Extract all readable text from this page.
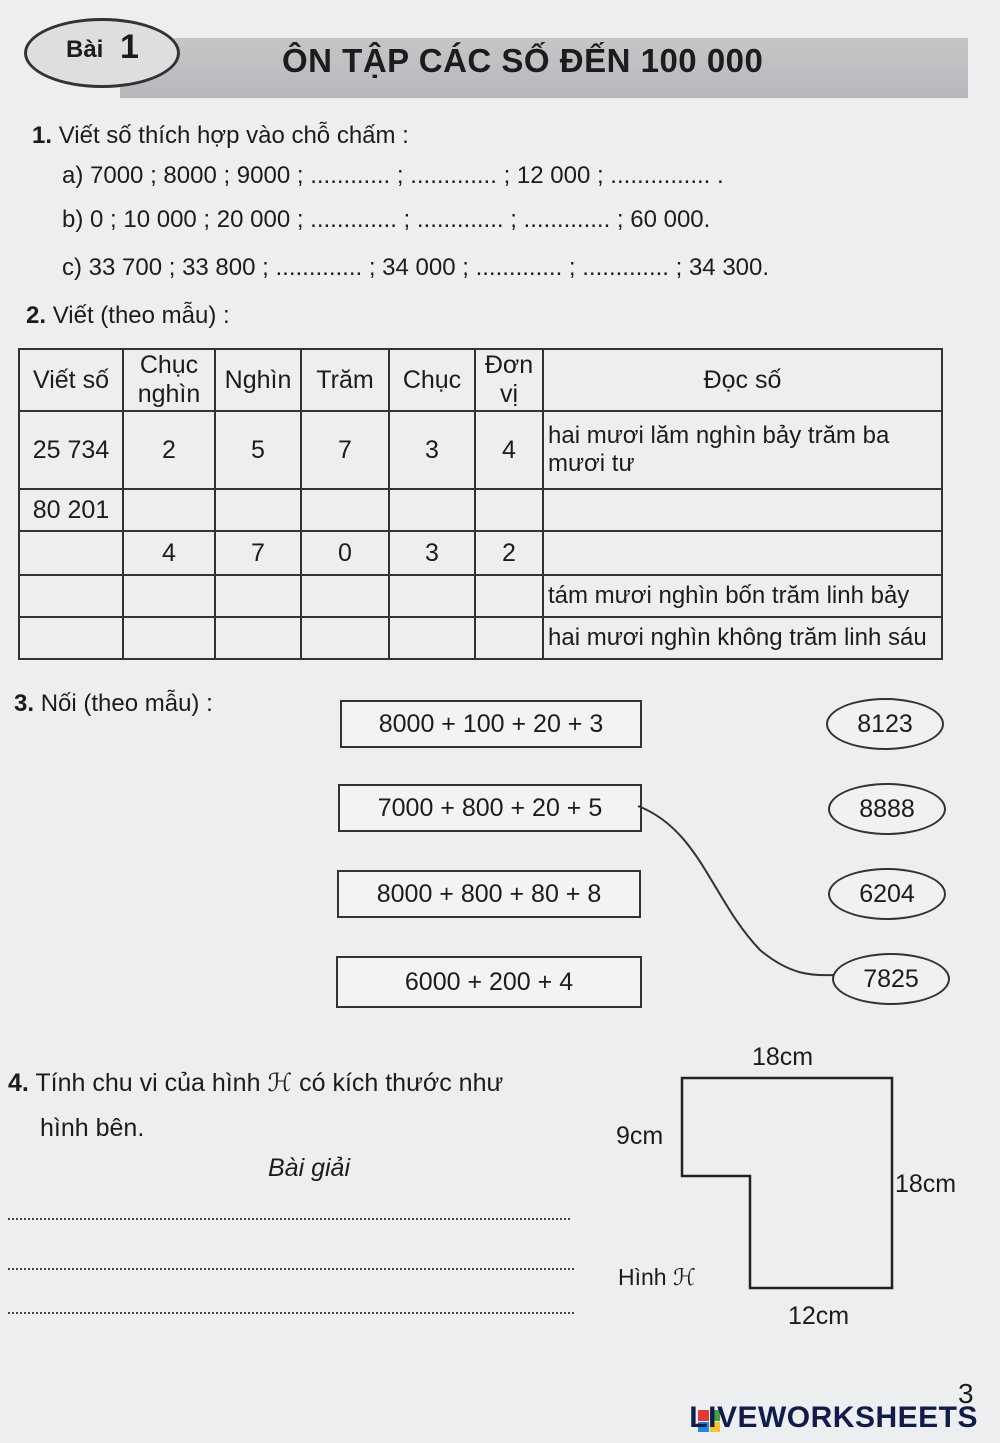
Bài 1	ÔN TẬP CÁC SỐ ĐẾN 100 000
1. Viết số thích hợp vào chỗ chấm :
a) 7000 ; 8000 ; 9000 ; ............ ; ............. ; 12 000 ; ............... .
b) 0 ; 10 000 ; 20 000 ; ............. ; ............. ; ............. ; 60 000.
c) 33 700 ; 33 800 ; ............. ; 34 000 ; ............. ; ............. ; 34 300.
2. Viết (theo mẫu) :
Viết số	Chục nghìn	Nghìn	Trăm	Chục	Đơn vị	Đọc số
25 734	2	5	7	3	4	hai mươi lăm nghìn bảy trăm ba mươi tư
80 201						
	4	7	0	3	2	
						tám mươi nghìn bốn trăm linh bảy
						hai mươi nghìn không trăm linh sáu
3. Nối (theo mẫu) :
8000 + 100 + 20 + 3
7000 + 800 + 20 + 5
8000 + 800 + 80 + 8
6000 + 200 + 4
8123
8888
6204
7825
4. Tính chu vi của hình ℋ có kích thước như
hình bên.
Bài giải
18cm
9cm
18cm
12cm
Hình ℋ
3
LIVEWORKSHEETS
